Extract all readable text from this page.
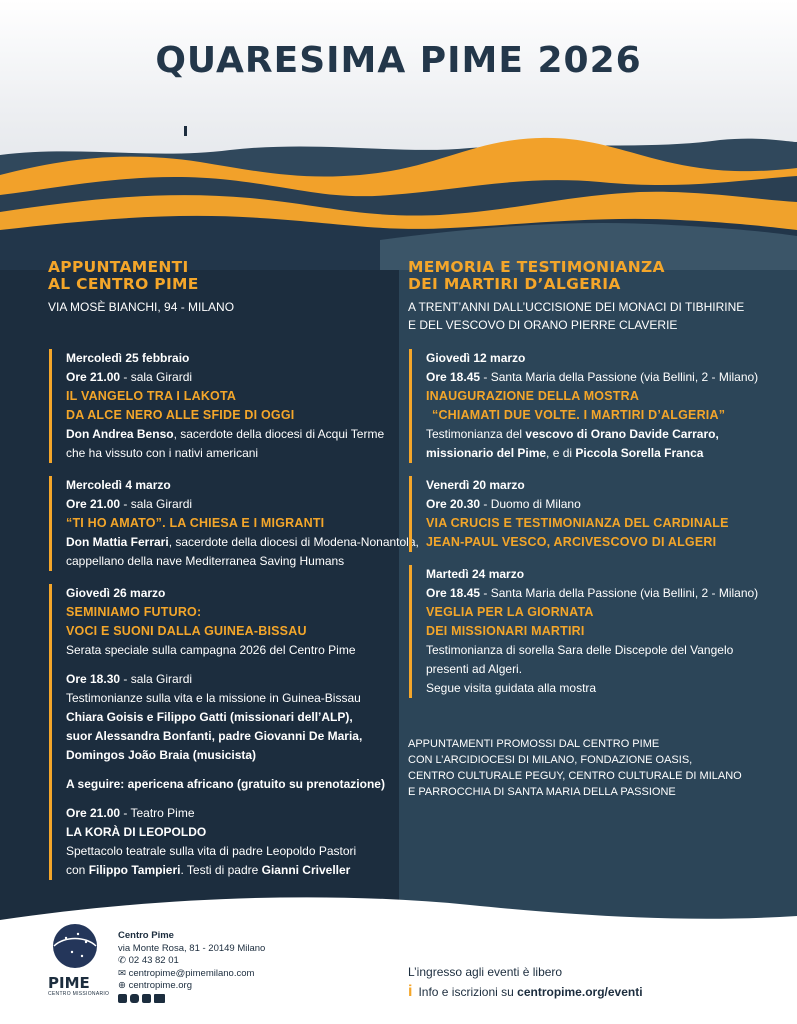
QUARESIMA PIME 2026
APPUNTAMENTI
AL CENTRO PIME
VIA MOSÈ BIANCHI, 94 - MILANO
Mercoledì 25 febbraio
Ore 21.00 - sala Girardi
IL VANGELO TRA I LAKOTA
DA ALCE NERO ALLE SFIDE DI OGGI
Don Andrea Benso, sacerdote della diocesi di Acqui Terme
che ha vissuto con i nativi americani
Mercoledì 4 marzo
Ore 21.00 - sala Girardi
“TI HO AMATO”. LA CHIESA E I MIGRANTI
Don Mattia Ferrari, sacerdote della diocesi di Modena-Nonantola,
cappellano della nave Mediterranea Saving Humans
Giovedì 26 marzo
SEMINIAMO FUTURO:
VOCI E SUONI DALLA GUINEA-BISSAU
Serata speciale sulla campagna 2026 del Centro Pime
Ore 18.30 - sala Girardi
Testimonianze sulla vita e la missione in Guinea-Bissau
Chiara Goisis e Filippo Gatti (missionari dell’ALP),
suor Alessandra Bonfanti, padre Giovanni De Maria,
Domingos João Braia (musicista)
A seguire: apericena africano (gratuito su prenotazione)
Ore 21.00 - Teatro Pime
LA KORÀ DI LEOPOLDO
Spettacolo teatrale sulla vita di padre Leopoldo Pastori
con Filippo Tampieri. Testi di padre Gianni Criveller
MEMORIA E TESTIMONIANZA
DEI MARTIRI D’ALGERIA
A TRENT’ANNI DALL’UCCISIONE DEI MONACI DI TIBHIRINE
E DEL VESCOVO DI ORANO PIERRE CLAVERIE
Giovedì 12 marzo
Ore 18.45 - Santa Maria della Passione (via Bellini, 2 - Milano)
INAUGURAZIONE DELLA MOSTRA
“CHIAMATI DUE VOLTE. I MARTIRI D’ALGERIA”
Testimonianza del vescovo di Orano Davide Carraro,
missionario del Pime, e di Piccola Sorella Franca
Venerdì 20 marzo
Ore 20.30 - Duomo di Milano
VIA CRUCIS E TESTIMONIANZA DEL CARDINALE
JEAN-PAUL VESCO, ARCIVESCOVO DI ALGERI
Martedì 24 marzo
Ore 18.45 - Santa Maria della Passione (via Bellini, 2 - Milano)
VEGLIA PER LA GIORNATA
DEI MISSIONARI MARTIRI
Testimonianza di sorella Sara delle Discepole del Vangelo
presenti ad Algeri.
Segue visita guidata alla mostra
APPUNTAMENTI PROMOSSI DAL CENTRO PIME
CON L’ARCIDIOCESI DI MILANO, FONDAZIONE OASIS,
CENTRO CULTURALE PEGUY, CENTRO CULTURALE DI MILANO
E PARROCCHIA DI SANTA MARIA DELLA PASSIONE
PIME
CENTRO MISSIONARIO
Centro Pime
via Monte Rosa, 81 - 20149 Milano
✆ 02 43 82 01
✉ centropime@pimemilano.com
⊕ centropime.org
L’ingresso agli eventi è libero
i Info e iscrizioni su centropime.org/eventi
